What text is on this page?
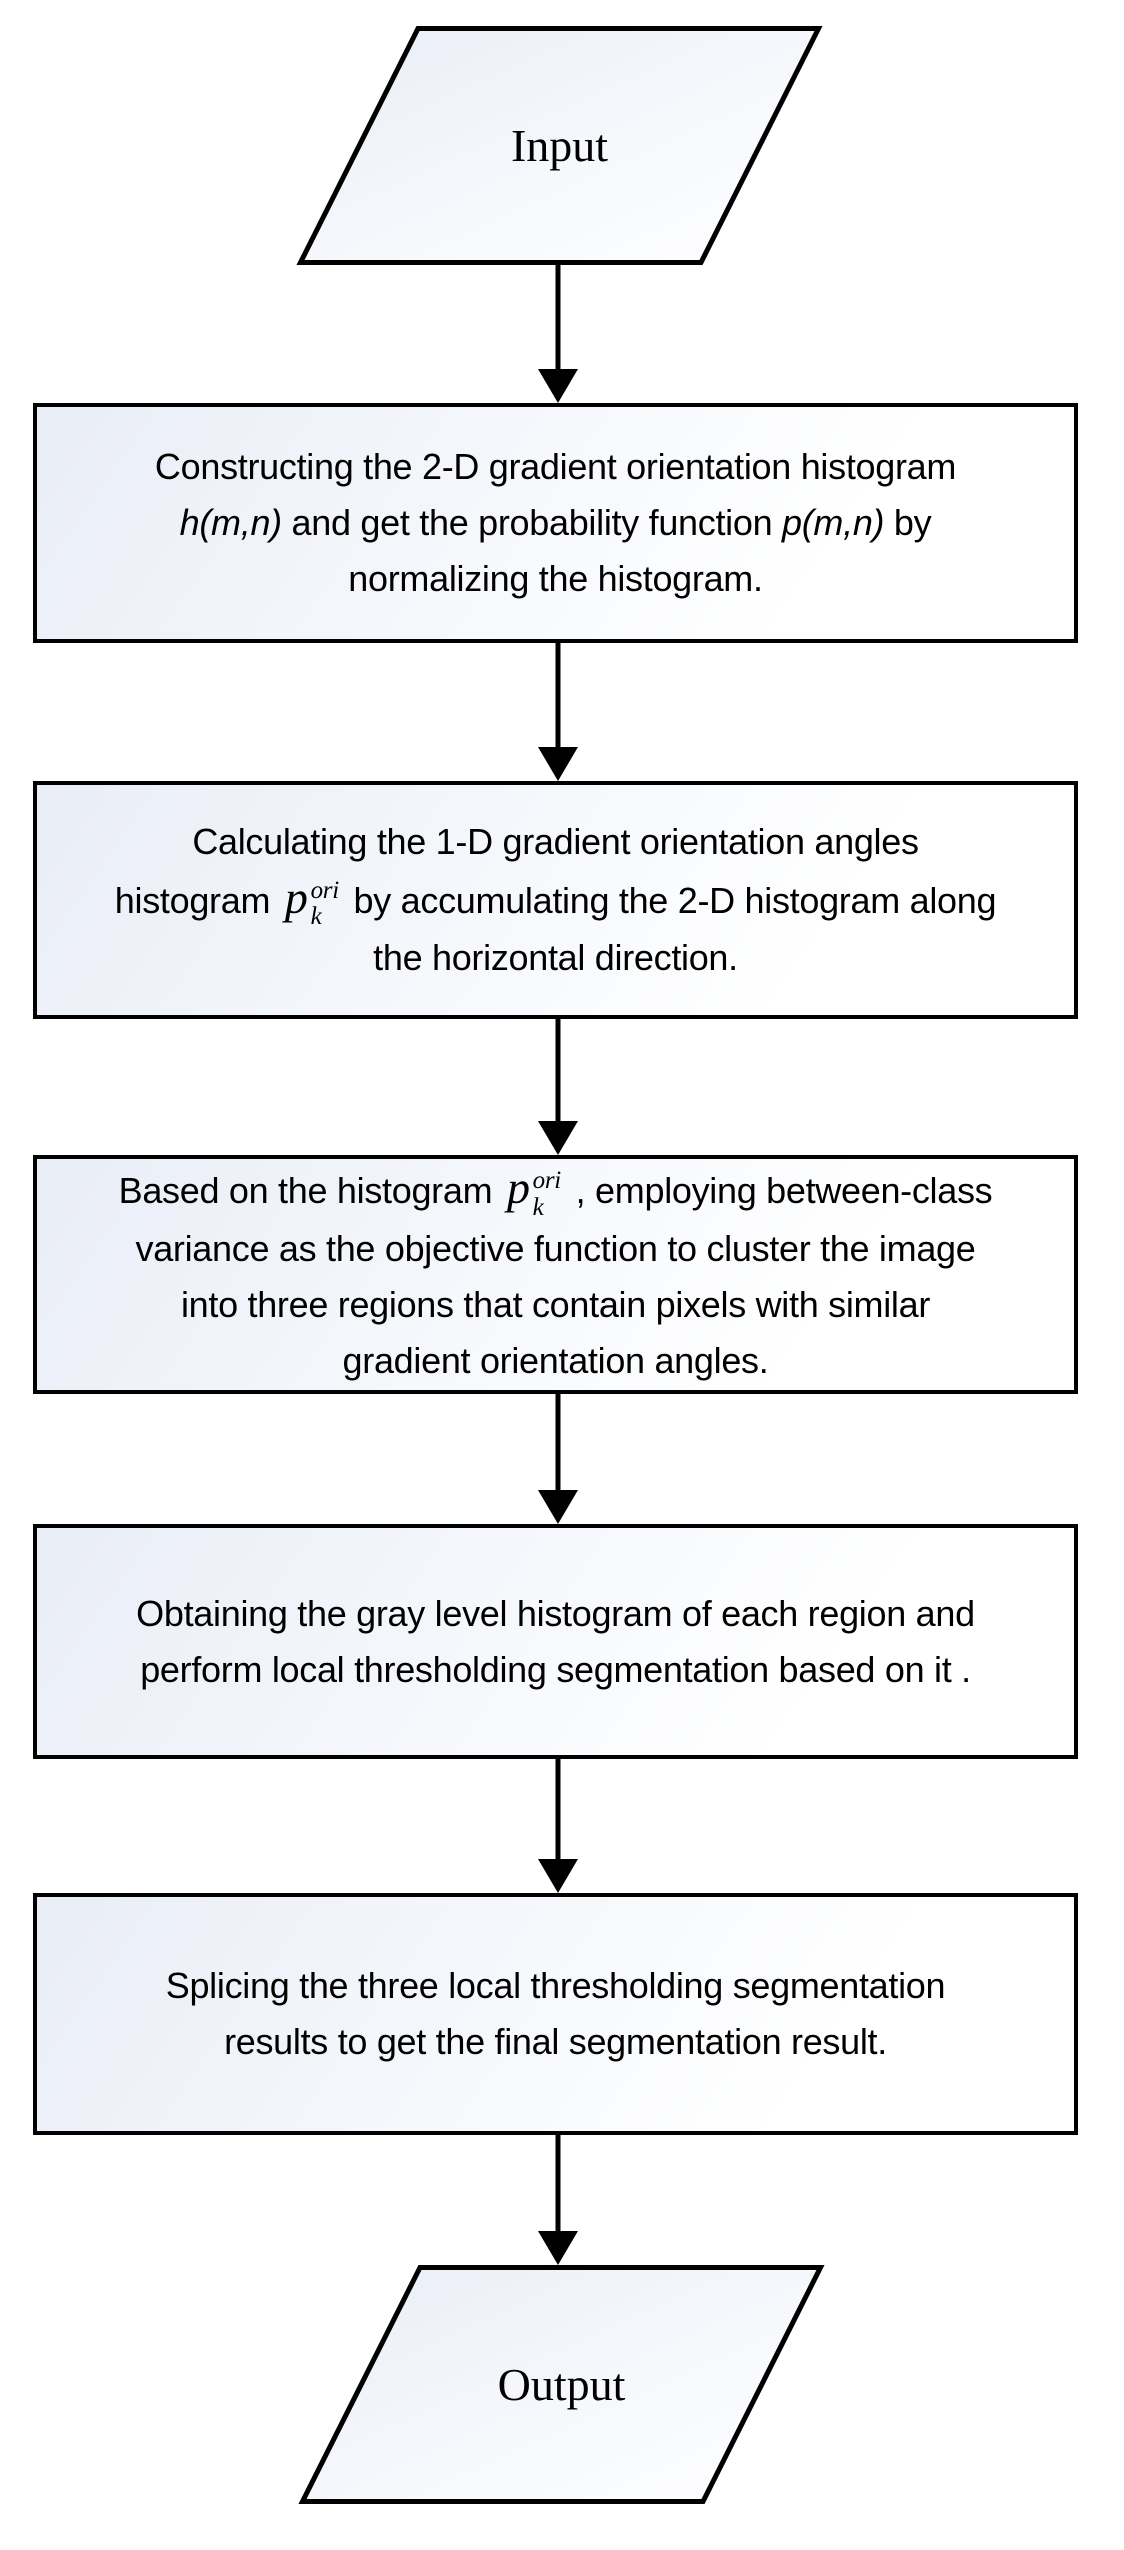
Input
Constructing the 2-D gradient orientation histogram
h(m,n) and get the probability function p(m,n) by
normalizing the histogram.
Calculating the 1-D gradient orientation angles
histogram p ori
k by accumulating the 2-D histogram along
the horizontal direction.
Based on the histogram p ori
k , employing between-class
variance as the objective function to cluster the image
into three regions that contain pixels with similar
gradient orientation angles.
Obtaining the gray level histogram of each region and
perform local thresholding segmentation based on it .
Splicing the three local thresholding segmentation
results to get the final segmentation result.
Output
